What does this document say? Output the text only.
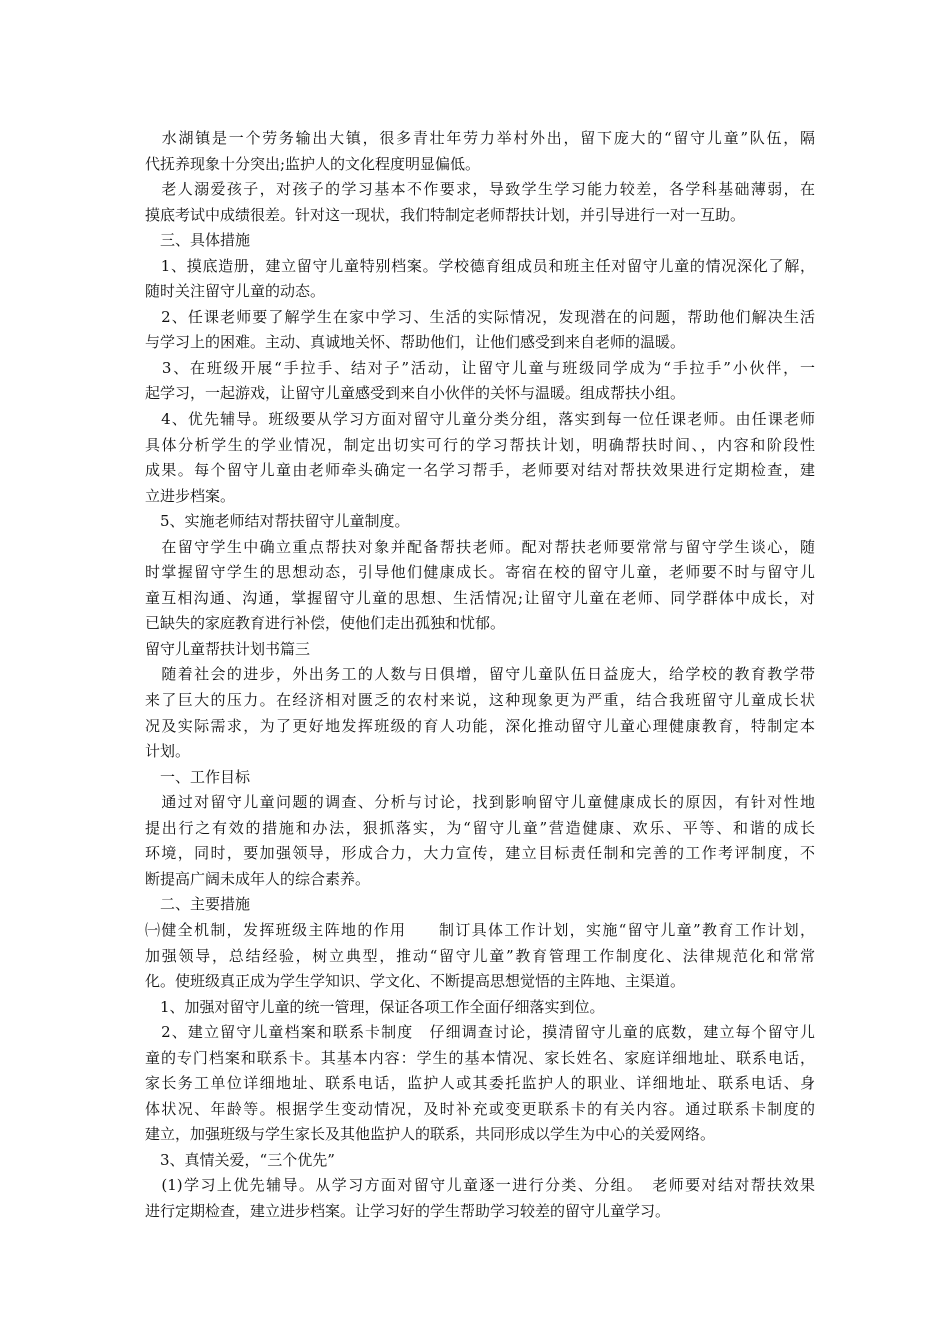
　水湖镇是一个劳务输出大镇，很多青壮年劳力举村外出，留下庞大的“留守儿童”队伍，隔
代抚养现象十分突出;监护人的文化程度明显偏低。
　老人溺爱孩子，对孩子的学习基本不作要求，导致学生学习能力较差，各学科基础薄弱，在
摸底考试中成绩很差。针对这一现状，我们特制定老师帮扶计划，并引导进行一对一互助。
　三、具体措施
　1、摸底造册，建立留守儿童特别档案。学校德育组成员和班主任对留守儿童的情况深化了解，
随时关注留守儿童的动态。
　2、任课老师要了解学生在家中学习、生活的实际情况，发现潜在的问题，帮助他们解决生活
与学习上的困难。主动、真诚地关怀、帮助他们，让他们感受到来自老师的温暖。
　3、在班级开展“手拉手、结对子”活动，让留守儿童与班级同学成为“手拉手”小伙伴，一
起学习，一起游戏，让留守儿童感受到来自小伙伴的关怀与温暖。组成帮扶小组。
　4、优先辅导。班级要从学习方面对留守儿童分类分组，落实到每一位任课老师。由任课老师
具体分析学生的学业情况，制定出切实可行的学习帮扶计划，明确帮扶时间、，内容和阶段性
成果。每个留守儿童由老师牵头确定一名学习帮手，老师要对结对帮扶效果进行定期检查，建
立进步档案。
　5、实施老师结对帮扶留守儿童制度。
　在留守学生中确立重点帮扶对象并配备帮扶老师。配对帮扶老师要常常与留守学生谈心，随
时掌握留守学生的思想动态，引导他们健康成长。寄宿在校的留守儿童，老师要不时与留守儿
童互相沟通、沟通，掌握留守儿童的思想、生活情况;让留守儿童在老师、同学群体中成长，对
已缺失的家庭教育进行补偿，使他们走出孤独和忧郁。
留守儿童帮扶计划书篇三
　随着社会的进步，外出务工的人数与日俱增，留守儿童队伍日益庞大，给学校的教育教学带
来了巨大的压力。在经济相对匮乏的农村来说，这种现象更为严重，结合我班留守儿童成长状
况及实际需求，为了更好地发挥班级的育人功能，深化推动留守儿童心理健康教育，特制定本
计划。
　一、工作目标
　通过对留守儿童问题的调查、分析与讨论，找到影响留守儿童健康成长的原因，有针对性地
提出行之有效的措施和办法，狠抓落实，为“留守儿童”营造健康、欢乐、平等、和谐的成长
环境，同时，要加强领导，形成合力，大力宣传，建立目标责任制和完善的工作考评制度，不
断提高广阔未成年人的综合素养。
　二、主要措施
㈠健全机制，发挥班级主阵地的作用　　制订具体工作计划，实施“留守儿童”教育工作计划，
加强领导，总结经验，树立典型，推动“留守儿童”教育管理工作制度化、法律规范化和常常
化。使班级真正成为学生学知识、学文化、不断提高思想觉悟的主阵地、主渠道。
　1、加强对留守儿童的统一管理，保证各项工作全面仔细落实到位。
　2、建立留守儿童档案和联系卡制度　仔细调查讨论，摸清留守儿童的底数，建立每个留守儿
童的专门档案和联系卡。其基本内容：学生的基本情况、家长姓名、家庭详细地址、联系电话，
家长务工单位详细地址、联系电话，监护人或其委托监护人的职业、详细地址、联系电话、身
体状况、年龄等。根据学生变动情况，及时补充或变更联系卡的有关内容。通过联系卡制度的
建立，加强班级与学生家长及其他监护人的联系，共同形成以学生为中心的关爱网络。
　3、真情关爱，“三个优先”
　(1)学习上优先辅导。从学习方面对留守儿童逐一进行分类、分组。　老师要对结对帮扶效果
进行定期检查，建立进步档案。让学习好的学生帮助学习较差的留守儿童学习。
